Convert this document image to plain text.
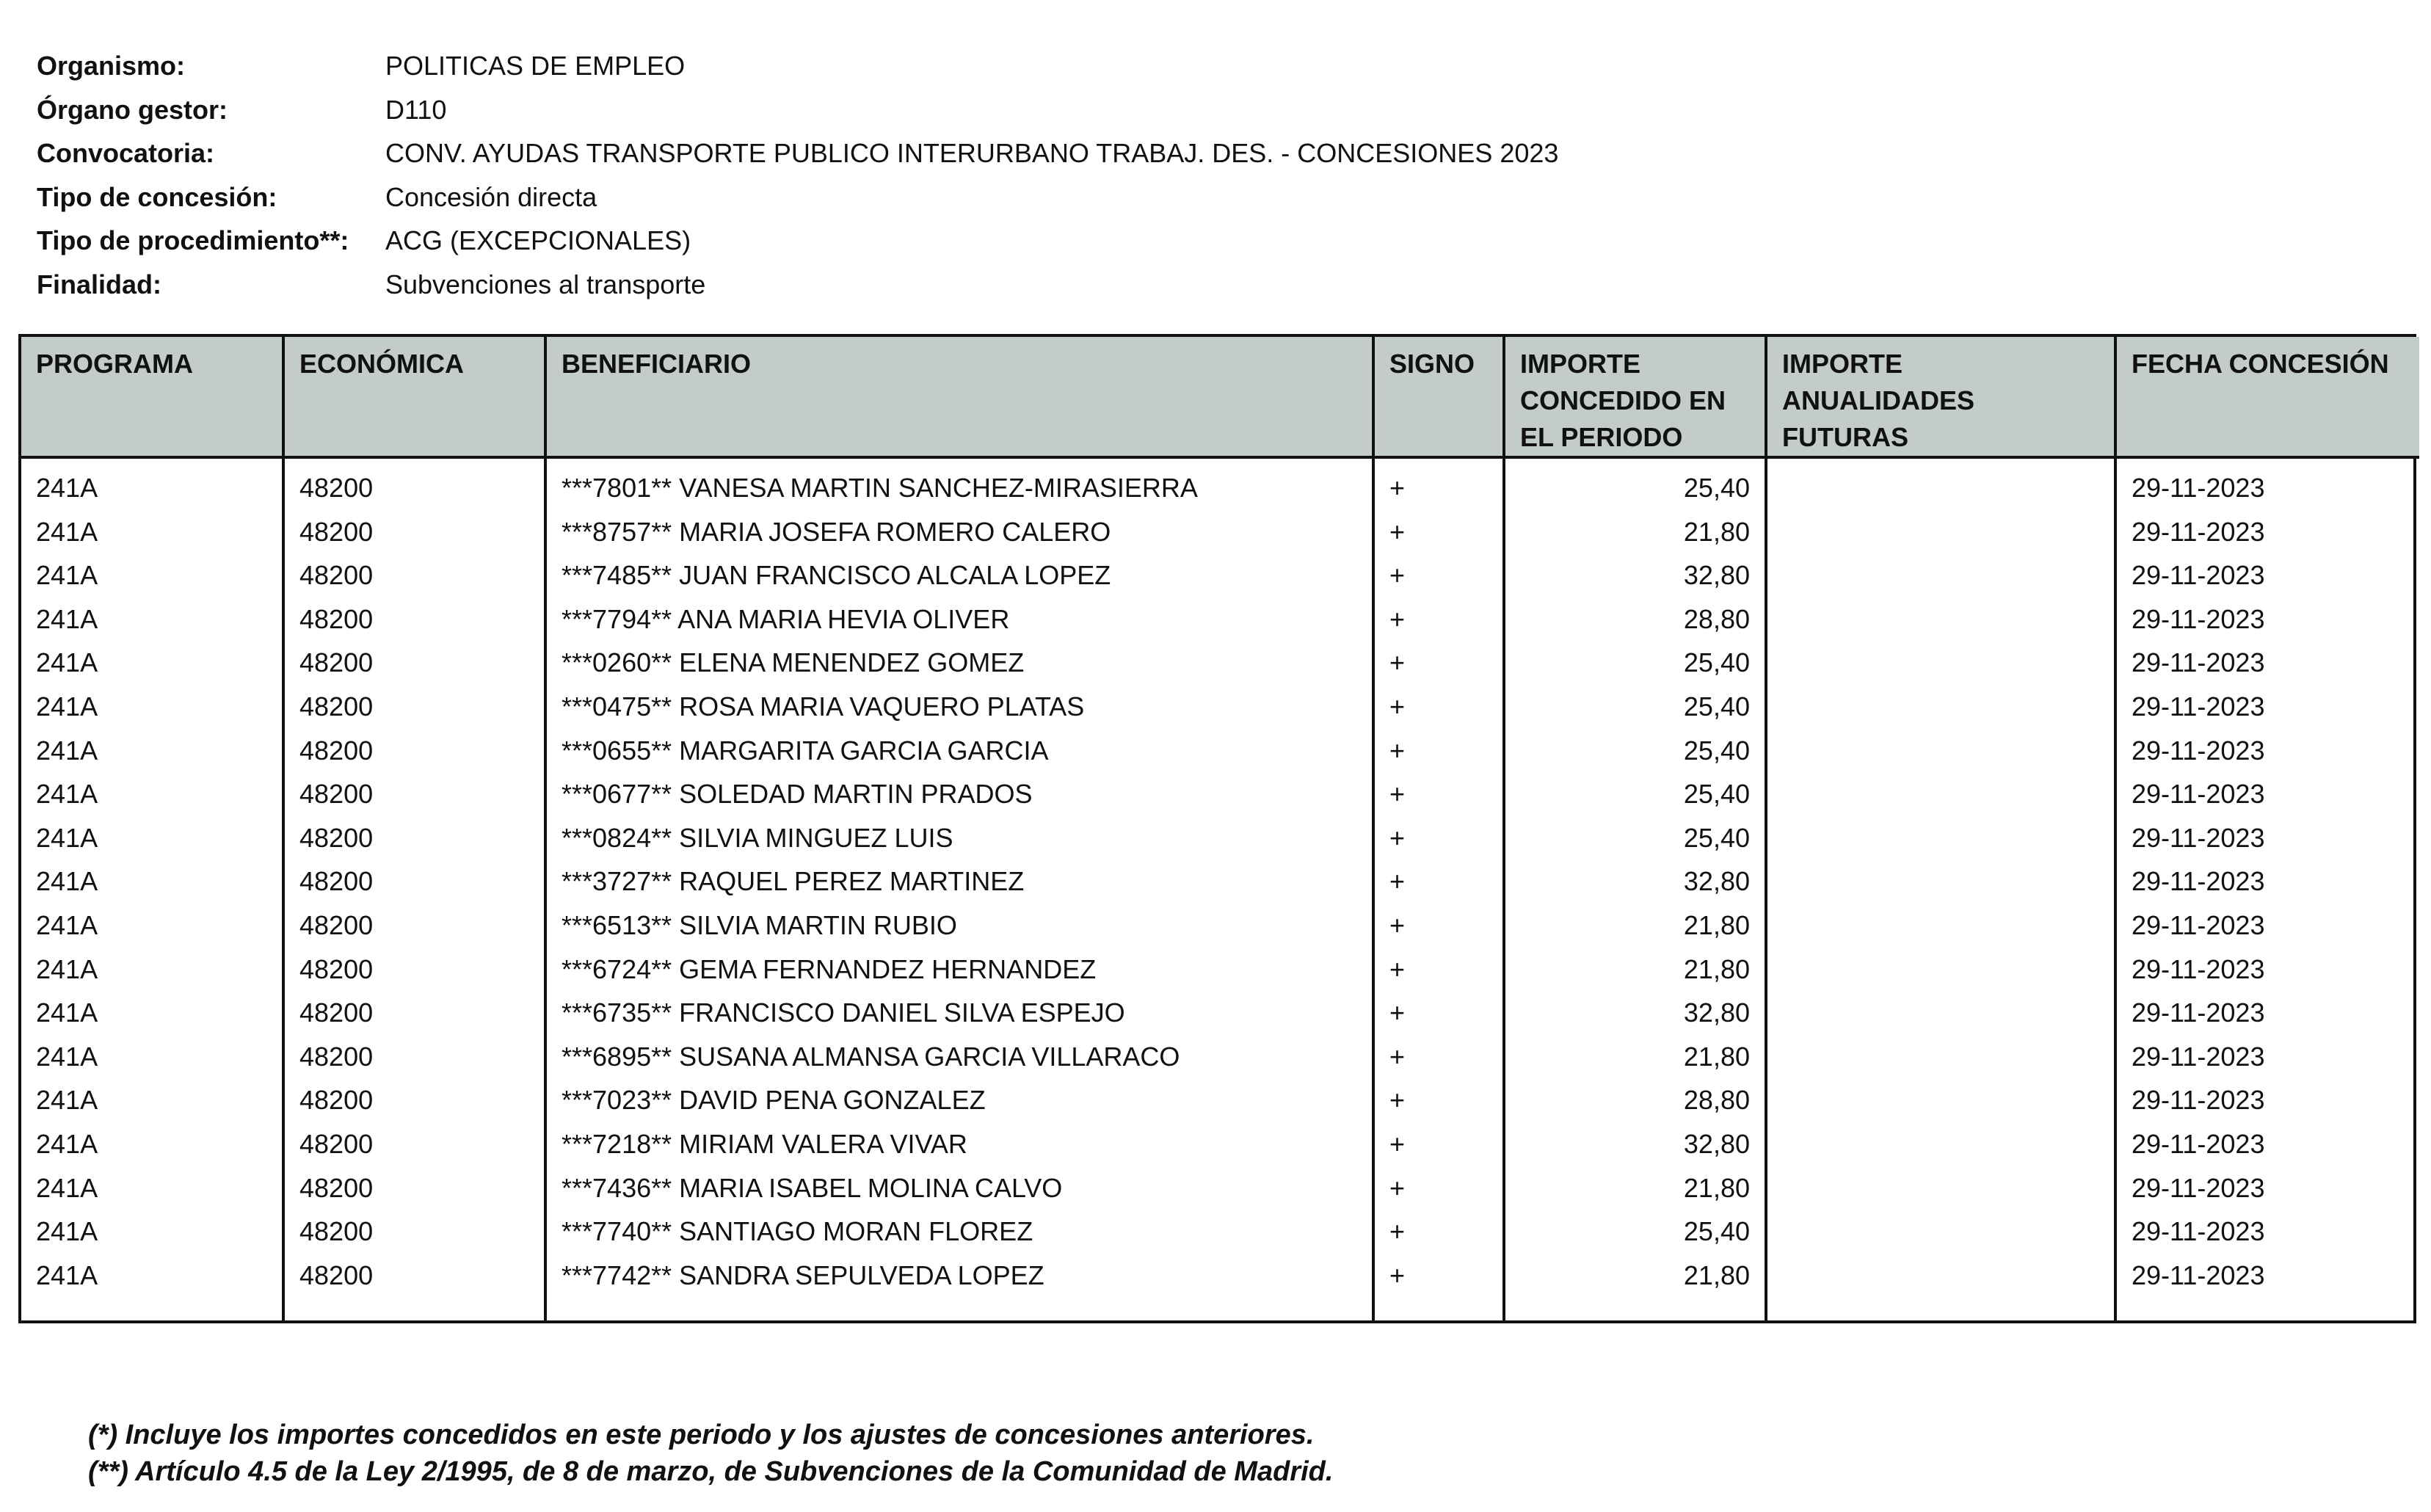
Organismo:	POLITICAS DE EMPLEO
Órgano gestor:	D110
Convocatoria:	CONV. AYUDAS TRANSPORTE PUBLICO INTERURBANO TRABAJ. DES. - CONCESIONES 2023
Tipo de concesión:	Concesión directa
Tipo de procedimiento**:	ACG (EXCEPCIONALES)
Finalidad:	Subvenciones al transporte
PROGRAMA	ECONÓMICA	BENEFICIARIO	SIGNO	IMPORTE CONCEDIDO EN EL PERIODO	IMPORTE ANUALIDADES FUTURAS	FECHA CONCESIÓN
241A	48200	***7801** VANESA MARTIN SANCHEZ-MIRASIERRA	+	25,40		29-11-2023
241A	48200	***8757** MARIA JOSEFA ROMERO CALERO	+	21,80		29-11-2023
241A	48200	***7485** JUAN FRANCISCO ALCALA LOPEZ	+	32,80		29-11-2023
241A	48200	***7794** ANA MARIA HEVIA OLIVER	+	28,80		29-11-2023
241A	48200	***0260** ELENA MENENDEZ GOMEZ	+	25,40		29-11-2023
241A	48200	***0475** ROSA MARIA VAQUERO PLATAS	+	25,40		29-11-2023
241A	48200	***0655** MARGARITA GARCIA GARCIA	+	25,40		29-11-2023
241A	48200	***0677** SOLEDAD MARTIN PRADOS	+	25,40		29-11-2023
241A	48200	***0824** SILVIA MINGUEZ LUIS	+	25,40		29-11-2023
241A	48200	***3727** RAQUEL PEREZ MARTINEZ	+	32,80		29-11-2023
241A	48200	***6513** SILVIA MARTIN RUBIO	+	21,80		29-11-2023
241A	48200	***6724** GEMA FERNANDEZ HERNANDEZ	+	21,80		29-11-2023
241A	48200	***6735** FRANCISCO DANIEL SILVA ESPEJO	+	32,80		29-11-2023
241A	48200	***6895** SUSANA ALMANSA GARCIA VILLARACO	+	21,80		29-11-2023
241A	48200	***7023** DAVID PENA GONZALEZ	+	28,80		29-11-2023
241A	48200	***7218** MIRIAM VALERA VIVAR	+	32,80		29-11-2023
241A	48200	***7436** MARIA ISABEL MOLINA CALVO	+	21,80		29-11-2023
241A	48200	***7740** SANTIAGO MORAN FLOREZ	+	25,40		29-11-2023
241A	48200	***7742** SANDRA SEPULVEDA LOPEZ	+	21,80		29-11-2023

(*) Incluye los importes concedidos en este periodo y los ajustes de concesiones anteriores.
(**) Artículo 4.5 de la Ley 2/1995, de 8 de marzo, de Subvenciones de la Comunidad de Madrid.
